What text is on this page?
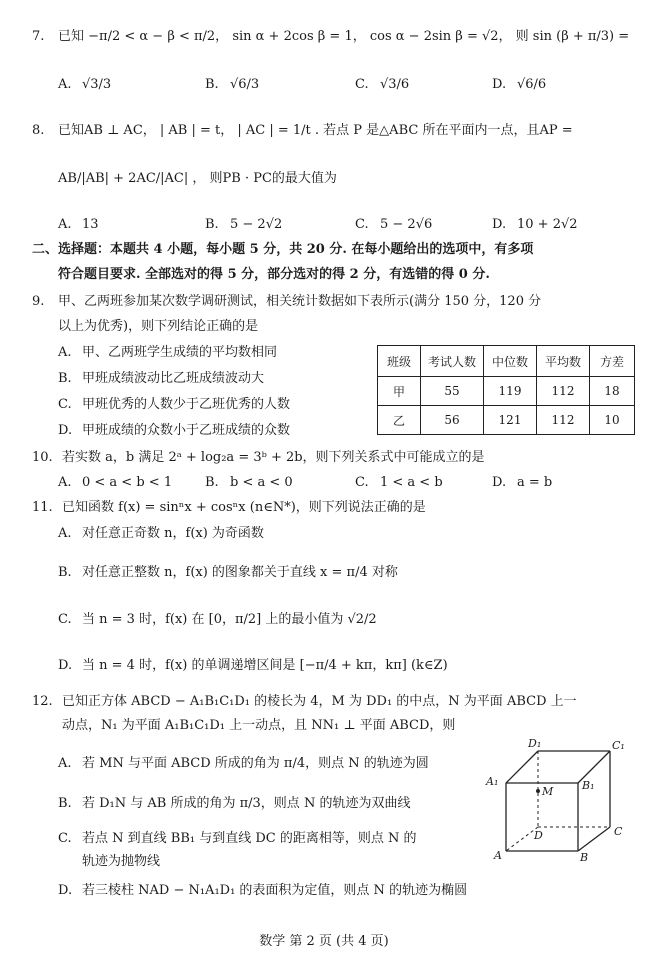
7. 已知 −π/2 < α − β < π/2， sin α + 2cos β = 1， cos α − 2sin β = √2， 则 sin (β + π/3) =
A. √3/3	B. √6/3	C. √3/6	D. √6/6
8. 已知AB ⊥ AC， | AB | = t， | AC | = 1/t . 若点 P 是△ABC 所在平面内一点，且AP =
AB/|AB| + 2AC/|AC| ， 则PB · PC的最大值为
A. 13	B. 5 − 2√2	C. 5 − 2√6	D. 10 + 2√2
二、选择题：本题共 4 小题，每小题 5 分，共 20 分. 在每小题给出的选项中，有多项
符合题目要求. 全部选对的得 5 分，部分选对的得 2 分，有选错的得 0 分.
9. 甲、乙两班参加某次数学调研测试，相关统计数据如下表所示(满分 150 分，120 分
以上为优秀)，则下列结论正确的是
A. 甲、乙两班学生成绩的平均数相同
B. 甲班成绩波动比乙班成绩波动大
C. 甲班优秀的人数少于乙班优秀的人数
D. 甲班成绩的众数小于乙班成绩的众数
班级	考试人数	中位数	平均数	方差
甲	55	119	112	18
乙	56	121	112	10
10. 若实数 a，b 满足 2ᵃ + log₂a = 3ᵇ + 2b，则下列关系式中可能成立的是
A. 0 < a < b < 1	B. b < a < 0	C. 1 < a < b	D. a = b
11. 已知函数 f(x) = sinⁿx + cosⁿx (n∈N*)，则下列说法正确的是
A. 对任意正奇数 n，f(x) 为奇函数
B. 对任意正整数 n，f(x) 的图象都关于直线 x = π/4 对称
C. 当 n = 3 时，f(x) 在 [0，π/2] 上的最小值为 √2/2
D. 当 n = 4 时，f(x) 的单调递增区间是 [−π/4 + kπ，kπ] (k∈Z)
12. 已知正方体 ABCD − A₁B₁C₁D₁ 的棱长为 4，M 为 DD₁ 的中点，N 为平面 ABCD 上一
动点，N₁ 为平面 A₁B₁C₁D₁ 上一动点，且 NN₁ ⊥ 平面 ABCD，则
A. 若 MN 与平面 ABCD 所成的角为 π/4，则点 N 的轨迹为圆
B. 若 D₁N 与 AB 所成的角为 π/3，则点 N 的轨迹为双曲线
C. 若点 N 到直线 BB₁ 与到直线 DC 的距离相等，则点 N 的
轨迹为抛物线
D. 若三棱柱 NAD − N₁A₁D₁ 的表面积为定值，则点 N 的轨迹为椭圆
D₁	C₁
A₁	B₁
M
D	C
A	B
数学 第 2 页 (共 4 页)
